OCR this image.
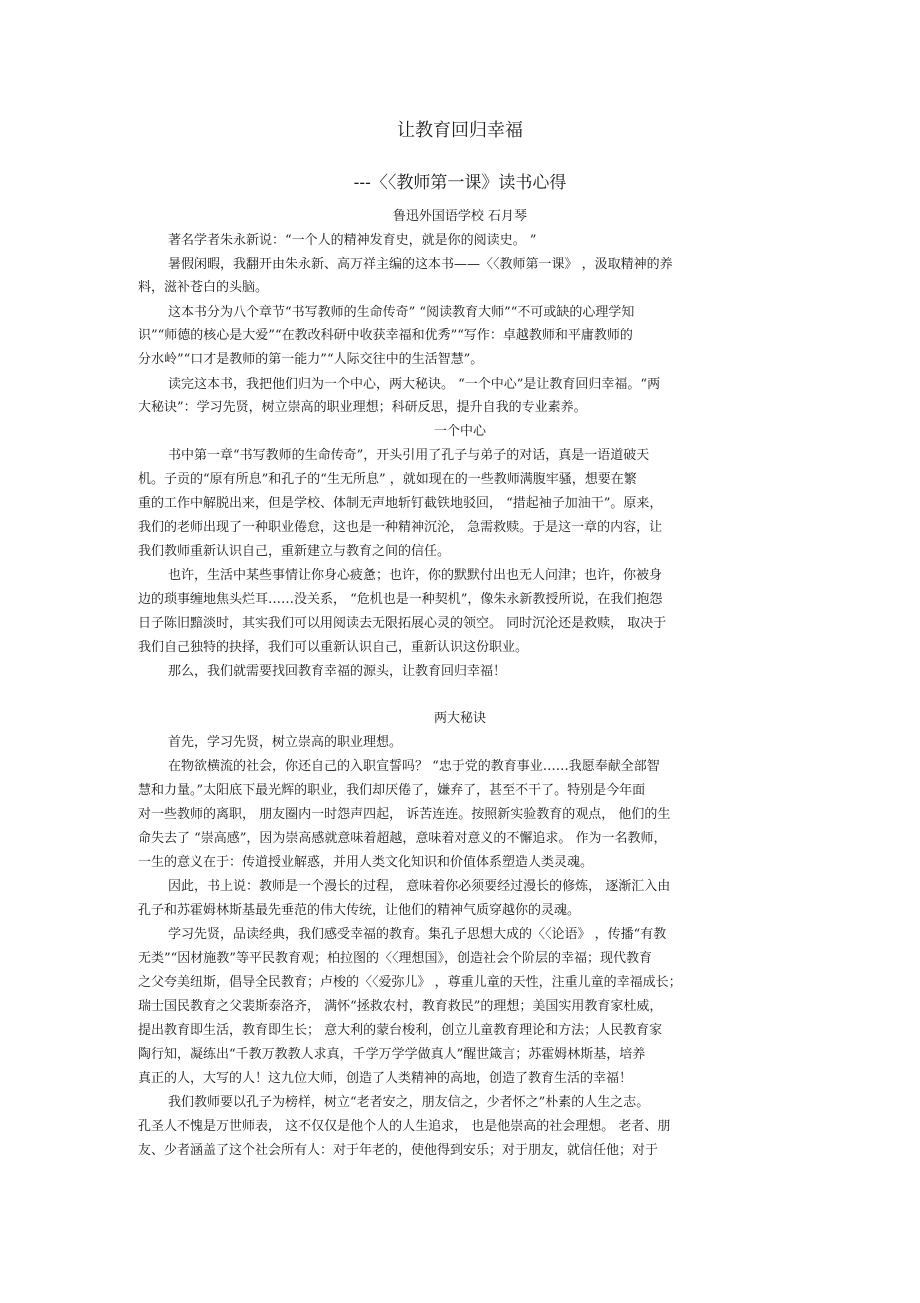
让教育回归幸福
---〈〈教师第一课》读书心得
鲁迅外国语学校 石月琴
著名学者朱永新说：“一个人的精神发育史，就是你的阅读史。 ”
暑假闲暇，我翻开由朱永新、高万祥主编的这本书——〈〈教师第一课》 ，汲取精神的养
料，滋补苍白的头脑。
这本书分为八个章节“书写教师的生命传奇” “阅读教育大师”“不可或缺的心理学知
识”“师德的核心是大爱”“在教改科研中收获幸福和优秀”“写作：卓越教师和平庸教师的
分水岭”“口才是教师的第一能力”“人际交往中的生活智慧”。
读完这本书，我把他们归为一个中心，两大秘诀。 “一个中心”是让教育回归幸福。“两
大秘诀”：学习先贤，树立崇高的职业理想；科研反思，提升自我的专业素养。
一个中心
书中第一章“书写教师的生命传奇”，开头引用了孔子与弟子的对话，真是一语道破天
机。子贡的“原有所息”和孔子的“生无所息” ，就如现在的一些教师满腹牢骚，想要在繁
重的工作中解脱出来，但是学校、体制无声地斩钉截铁地驳回， “措起袖子加油干”。原来，
我们的老师出现了一种职业倦怠，这也是一种精神沉沦， 急需救赎。于是这一章的内容，让
我们教师重新认识自己，重新建立与教育之间的信任。
也许，生活中某些事情让你身心疲惫；也许，你的默默付出也无人问津；也许，你被身
边的琐事缠地焦头烂耳……没关系， “危机也是一种契机”，像朱永新教授所说，在我们抱怨
日子陈旧黯淡时，其实我们可以用阅读去无限拓展心灵的领空。 同时沉沦还是救赎， 取决于
我们自己独特的抉择，我们可以重新认识自己，重新认识这份职业。
那么，我们就需要找回教育幸福的源头，让教育回归幸福！
两大秘诀
首先，学习先贤，树立崇高的职业理想。
在物欲横流的社会，你还自己的入职宣誓吗？ “忠于党的教育事业……我愿奉献全部智
慧和力量。”太阳底下最光辉的职业，我们却厌倦了，嫌弃了，甚至不干了。特别是今年面
对一些教师的离职， 朋友圈内一时怨声四起， 诉苦连连。按照新实验教育的观点， 他们的生
命失去了 “崇高感”，因为崇高感就意味着超越，意味着对意义的不懈追求。 作为一名教师，
一生的意义在于：传道授业解惑，并用人类文化知识和价值体系塑造人类灵魂。
因此，书上说：教师是一个漫长的过程， 意味着你必须要经过漫长的修炼， 逐渐汇入由
孔子和苏霍姆林斯基最先垂范的伟大传统，让他们的精神气质穿越你的灵魂。
学习先贤，品读经典，我们感受幸福的教育。集孔子思想大成的〈〈论语》 ，传播“有教
无类”“因材施教”等平民教育观；柏拉图的〈〈理想国》，创造社会个阶层的幸福；现代教育
之父夸美纽斯，倡导全民教育；卢梭的〈〈爱弥儿》 ，尊重儿童的天性，注重儿童的幸福成长；
瑞士国民教育之父裴斯泰洛齐， 满怀“拯救农村，教育救民”的理想；美国实用教育家杜威，
提出教育即生活，教育即生长； 意大利的蒙台梭利，创立儿童教育理论和方法；人民教育家
陶行知，凝练出“千教万教教人求真，千学万学学做真人”醒世箴言；苏霍姆林斯基，培养
真正的人，大写的人！这九位大师，创造了人类精神的高地，创造了教育生活的幸福！
我们教师要以孔子为榜样，树立“老者安之，朋友信之，少者怀之”朴素的人生之志。
孔圣人不愧是万世师表， 这不仅仅是他个人的人生追求， 也是他崇高的社会理想。 老者、朋
友、少者涵盖了这个社会所有人：对于年老的，使他得到安乐；对于朋友，就信任他；对于
